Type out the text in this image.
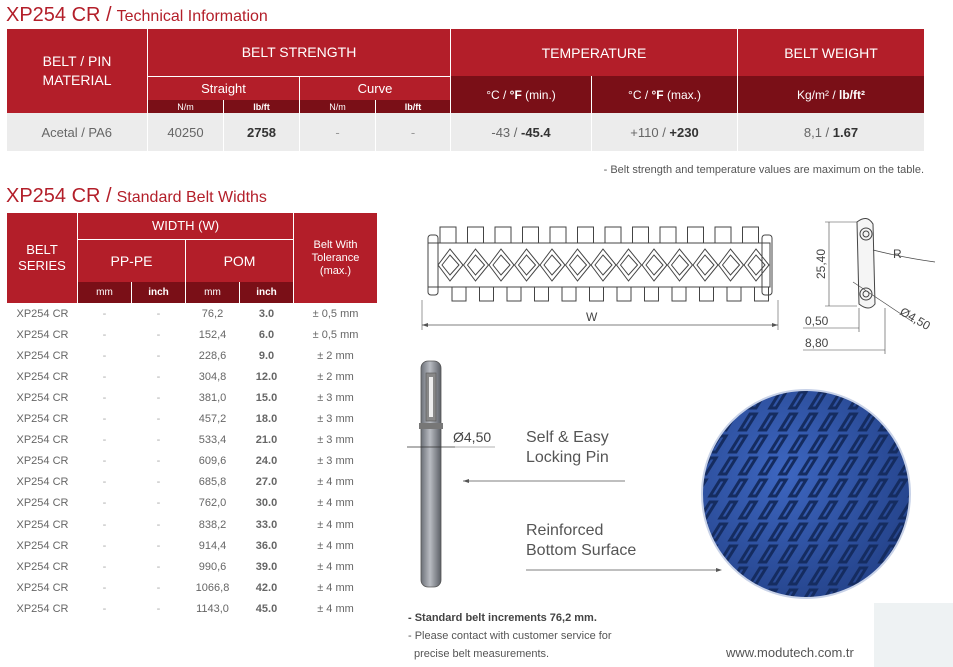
XP254 CR / Technical Information
BELT / PIN MATERIAL	BELT STRENGTH				TEMPERATURE		BELT WEIGHT
	Straight		Curve		°C / °F (min.)	°C / °F (max.)	Kg/m² / lb/ft²
	N/m	lb/ft	N/m	lb/ft			
Acetal / PA6	40250	2758	-	-	-43 / -45.4	+110 / +230	8,1 / 1.67
- Belt strength and temperature values are maximum on the table.
XP254 CR / Standard Belt Widths
BELT SERIES	WIDTH (W)				Belt With Tolerance (max.)
	PP-PE		POM		
	mm	inch	mm	inch	
XP254 CR	-	-	76,2	3.0	± 0,5 mm
XP254 CR	-	-	152,4	6.0	± 0,5 mm
XP254 CR	-	-	228,6	9.0	± 2 mm
XP254 CR	-	-	304,8	12.0	± 2 mm
XP254 CR	-	-	381,0	15.0	± 3 mm
XP254 CR	-	-	457,2	18.0	± 3 mm
XP254 CR	-	-	533,4	21.0	± 3 mm
XP254 CR	-	-	609,6	24.0	± 3 mm
XP254 CR	-	-	685,8	27.0	± 4 mm
XP254 CR	-	-	762,0	30.0	± 4 mm
XP254 CR	-	-	838,2	33.0	± 4 mm
XP254 CR	-	-	914,4	36.0	± 4 mm
XP254 CR	-	-	990,6	39.0	± 4 mm
XP254 CR	-	-	1066,8	42.0	± 4 mm
XP254 CR	-	-	1143,0	45.0	± 4 mm
W
25,40	R
Ø4,50
0,50
8,80
Ø4,50 Self & Easy
Locking Pin
Reinforced
Bottom Surface
- Standard belt increments 76,2 mm.
- Please contact with customer service for
precise belt measurements.	www.modutech.com.tr
